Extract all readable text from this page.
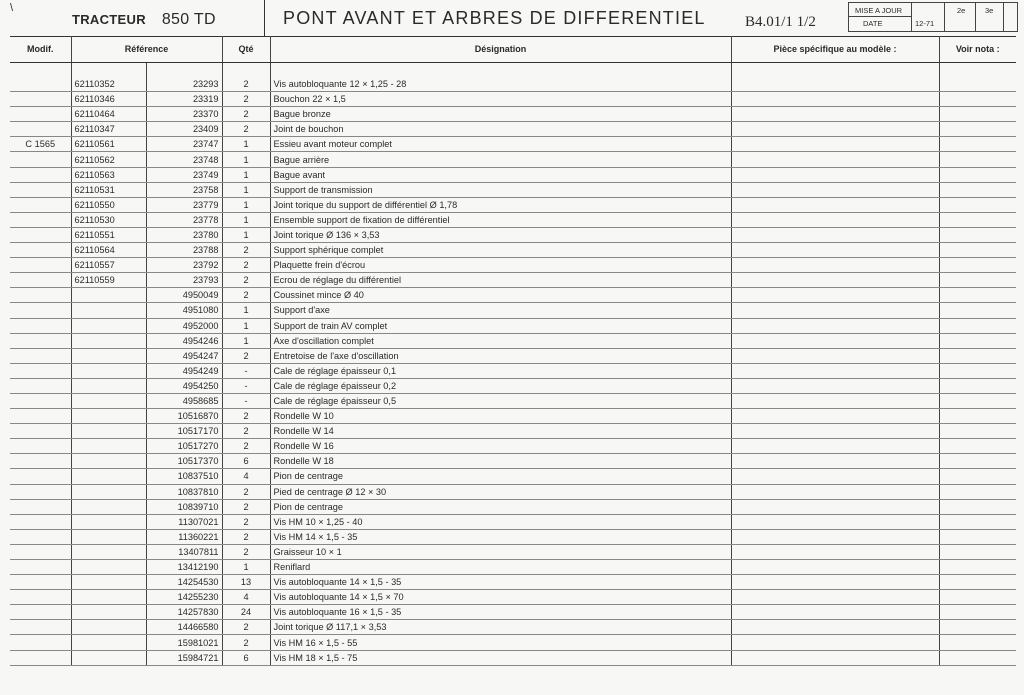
\
TRACTEUR 850 TD	PONT AVANT ET ARBRES DE DIFFERENTIEL	B4.01/1 1/2
MISE A JOUR
DATE	12-71
2e	3e
Modif.	Référence		Qté	Désignation	Pièce spécifique au modèle :	Voir nota :

	62110352	23293	2	Vis autobloquante 12 × 1,25 - 28		
	62110346	23319	2	Bouchon 22 × 1,5		
	62110464	23370	2	Bague bronze		
	62110347	23409	2	Joint de bouchon		
C 1565	62110561	23747	1	Essieu avant moteur complet		
	62110562	23748	1	Bague arrière		
	62110563	23749	1	Bague avant		
	62110531	23758	1	Support de transmission		
	62110550	23779	1	Joint torique du support de différentiel Ø 1,78		
	62110530	23778	1	Ensemble support de fixation de différentiel		
	62110551	23780	1	Joint torique Ø 136 × 3,53		
	62110564	23788	2	Support sphérique complet		
	62110557	23792	2	Plaquette frein d'écrou		
	62110559	23793	2	Ecrou de réglage du différentiel		
		4950049	2	Coussinet mince Ø 40		
		4951080	1	Support d'axe		
		4952000	1	Support de train AV complet		
		4954246	1	Axe d'oscillation complet		
		4954247	2	Entretoise de l'axe d'oscillation		
		4954249	-	Cale de réglage épaisseur 0,1		
		4954250	-	Cale de réglage épaisseur 0,2		
		4958685	-	Cale de réglage épaisseur 0,5		
		10516870	2	Rondelle W 10		
		10517170	2	Rondelle W 14		
		10517270	2	Rondelle W 16		
		10517370	6	Rondelle W 18		
		10837510	4	Pion de centrage		
		10837810	2	Pied de centrage Ø 12 × 30		
		10839710	2	Pion de centrage		
		11307021	2	Vis HM 10 × 1,25 - 40		
		11360221	2	Vis HM 14 × 1,5 - 35		
		13407811	2	Graisseur 10 × 1		
		13412190	1	Reniflard		
		14254530	13	Vis autobloquante 14 × 1,5 - 35		
		14255230	4	Vis autobloquante 14 × 1,5 × 70		
		14257830	24	Vis autobloquante 16 × 1,5 - 35		
		14466580	2	Joint torique Ø 117,1 × 3,53		
		15981021	2	Vis HM 16 × 1,5 - 55		
		15984721	6	Vis HM 18 × 1,5 - 75		
